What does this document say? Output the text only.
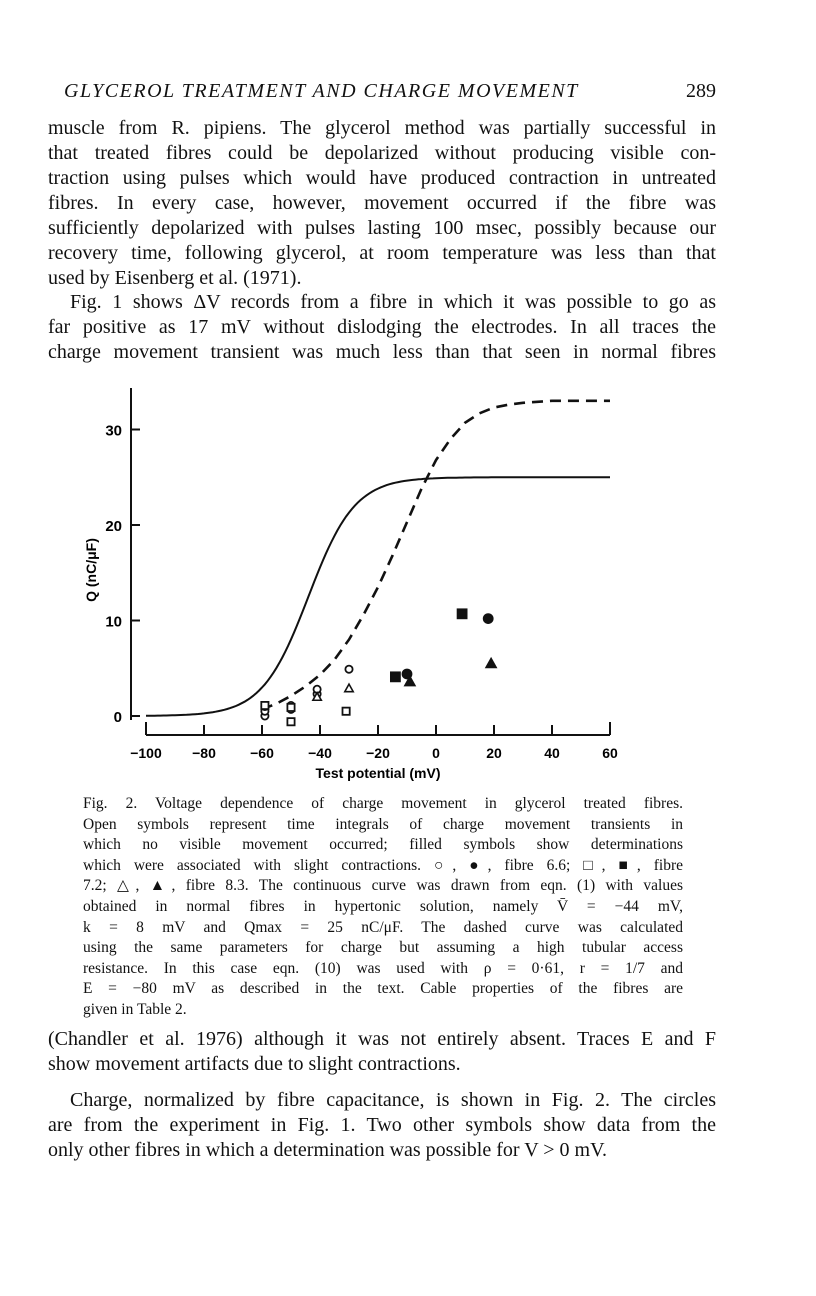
GLYCEROL TREATMENT AND CHARGE MOVEMENT	289

muscle from R. pipiens. The glycerol method was partially successful in
that treated fibres could be depolarized without producing visible con-
traction using pulses which would have produced contraction in untreated
fibres. In every case, however, movement occurred if the fibre was
sufficiently depolarized with pulses lasting 100 msec, possibly because our
recovery time, following glycerol, at room temperature was less than that
used by Eisenberg et al. (1971).

Fig. 1 shows ΔV records from a fibre in which it was possible to go as
far positive as 17 mV without dislodging the electrodes. In all traces the
charge movement transient was much less than that seen in normal fibres

0
10
20
30
−100 −80 −60 −40 −20	0	20	40	60
Test potential (mV)
Q (nC/μF)

Fig. 2. Voltage dependence of charge movement in glycerol treated fibres.
Open symbols represent time integrals of charge movement transients in
which no visible movement occurred; filled symbols show determinations
which were associated with slight contractions. ○, ●, fibre 6.6; □, ■, fibre
7.2; △, ▲, fibre 8.3. The continuous curve was drawn from eqn. (1) with values
obtained in normal fibres in hypertonic solution, namely V̄ = −44 mV,
k = 8 mV and Qmax = 25 nC/μF. The dashed curve was calculated
using the same parameters for charge but assuming a high tubular access
resistance. In this case eqn. (10) was used with ρ = 0·61, r = 1/7 and
E = −80 mV as described in the text. Cable properties of the fibres are
given in Table 2.

(Chandler et al. 1976) although it was not entirely absent. Traces E and F
show movement artifacts due to slight contractions.

Charge, normalized by fibre capacitance, is shown in Fig. 2. The circles
are from the experiment in Fig. 1. Two other symbols show data from the
only other fibres in which a determination was possible for V > 0 mV.
